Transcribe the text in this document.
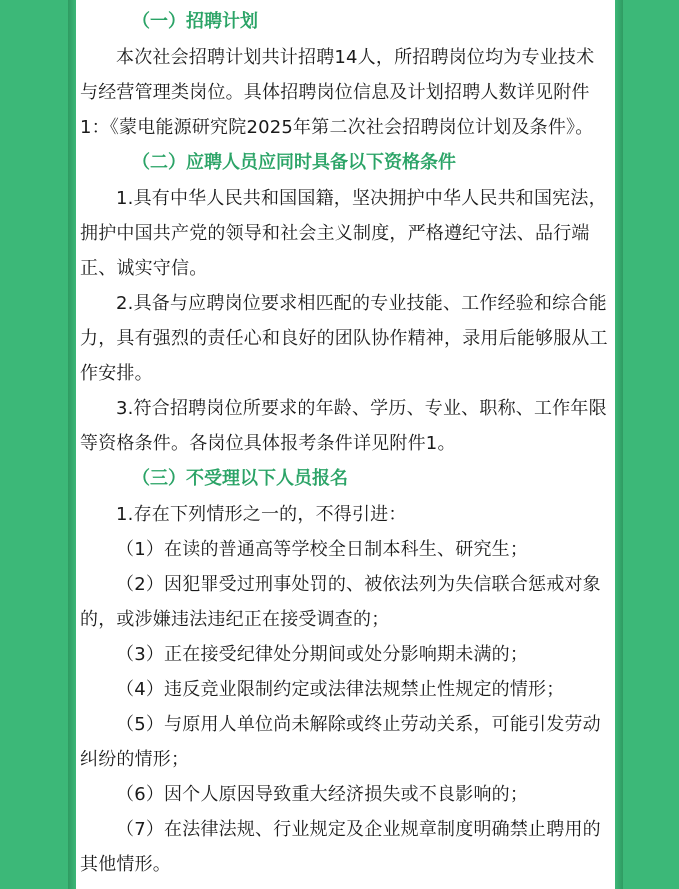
（一）招聘计划

本次社会招聘计划共计招聘14人，所招聘岗位均为专业技术与经营管理类岗位。具体招聘岗位信息及计划招聘人数详见附件1：《蒙电能源研究院2025年第二次社会招聘岗位计划及条件》。

（二）应聘人员应同时具备以下资格条件

1.具有中华人民共和国国籍，坚决拥护中华人民共和国宪法，拥护中国共产党的领导和社会主义制度，严格遵纪守法、品行端正、诚实守信。

2.具备与应聘岗位要求相匹配的专业技能、工作经验和综合能力，具有强烈的责任心和良好的团队协作精神，录用后能够服从工作安排。

3.符合招聘岗位所要求的年龄、学历、专业、职称、工作年限等资格条件。各岗位具体报考条件详见附件1。

（三）不受理以下人员报名

1.存在下列情形之一的，不得引进：

（1）在读的普通高等学校全日制本科生、研究生；

（2）因犯罪受过刑事处罚的、被依法列为失信联合惩戒对象的，或涉嫌违法违纪正在接受调查的；

（3）正在接受纪律处分期间或处分影响期未满的；

（4）违反竞业限制约定或法律法规禁止性规定的情形；

（5）与原用人单位尚未解除或终止劳动关系，可能引发劳动纠纷的情形；

（6）因个人原因导致重大经济损失或不良影响的；

（7）在法律法规、行业规定及企业规章制度明确禁止聘用的其他情形。
